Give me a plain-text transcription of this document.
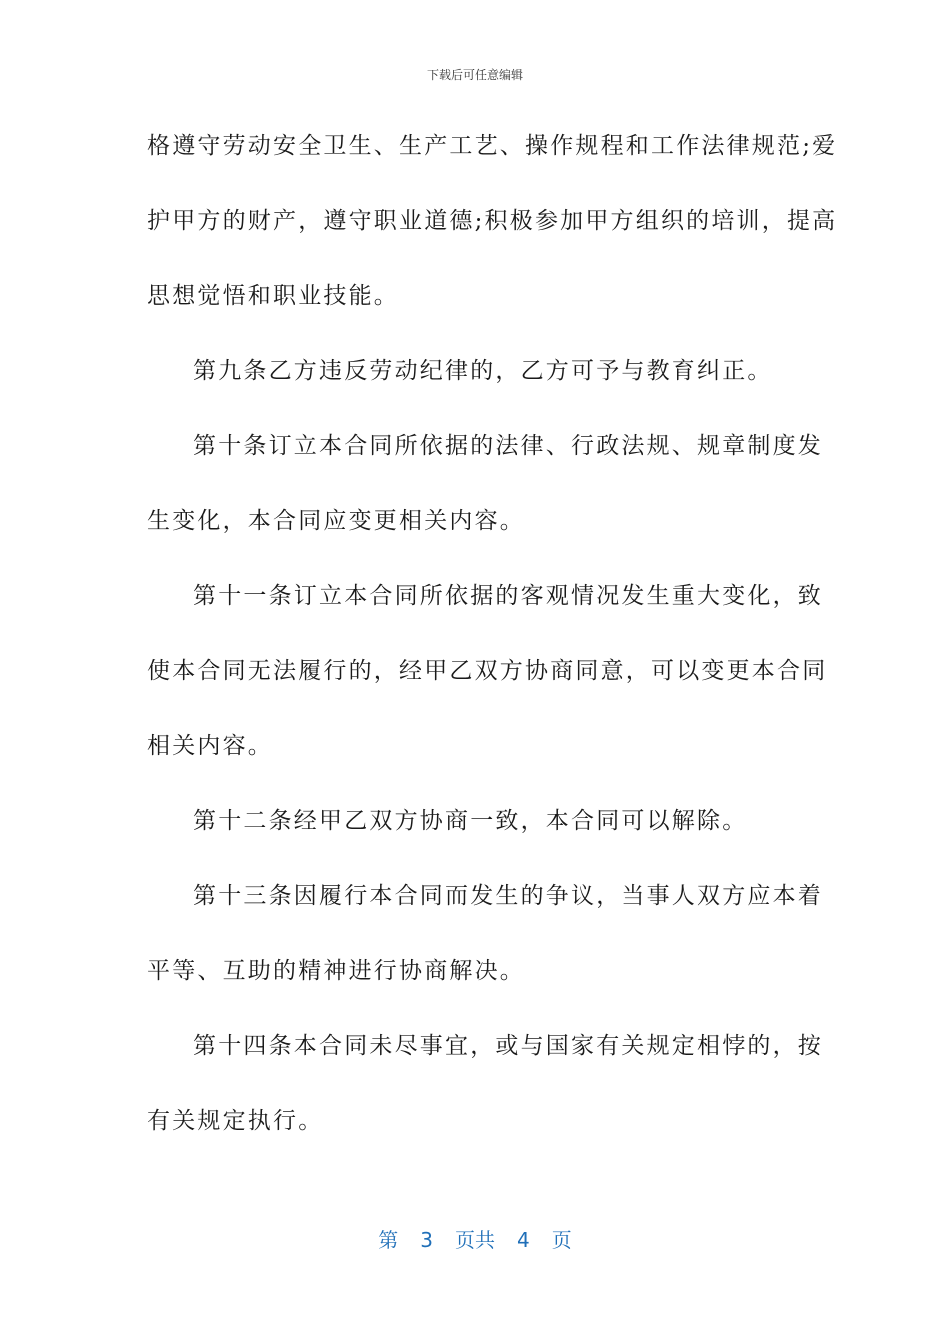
下载后可任意编辑
格遵守劳动安全卫生、生产工艺、操作规程和工作法律规范;爱
护甲方的财产，遵守职业道德;积极参加甲方组织的培训，提高
思想觉悟和职业技能。
第九条乙方违反劳动纪律的，乙方可予与教育纠正。
第十条订立本合同所依据的法律、行政法规、规章制度发
生变化，本合同应变更相关内容。
第十一条订立本合同所依据的客观情况发生重大变化，致
使本合同无法履行的，经甲乙双方协商同意，可以变更本合同
相关内容。
第十二条经甲乙双方协商一致，本合同可以解除。
第十三条因履行本合同而发生的争议，当事人双方应本着
平等、互助的精神进行协商解决。
第十四条本合同未尽事宜，或与国家有关规定相悖的，按
有关规定执行。
第 3 页共 4 页
